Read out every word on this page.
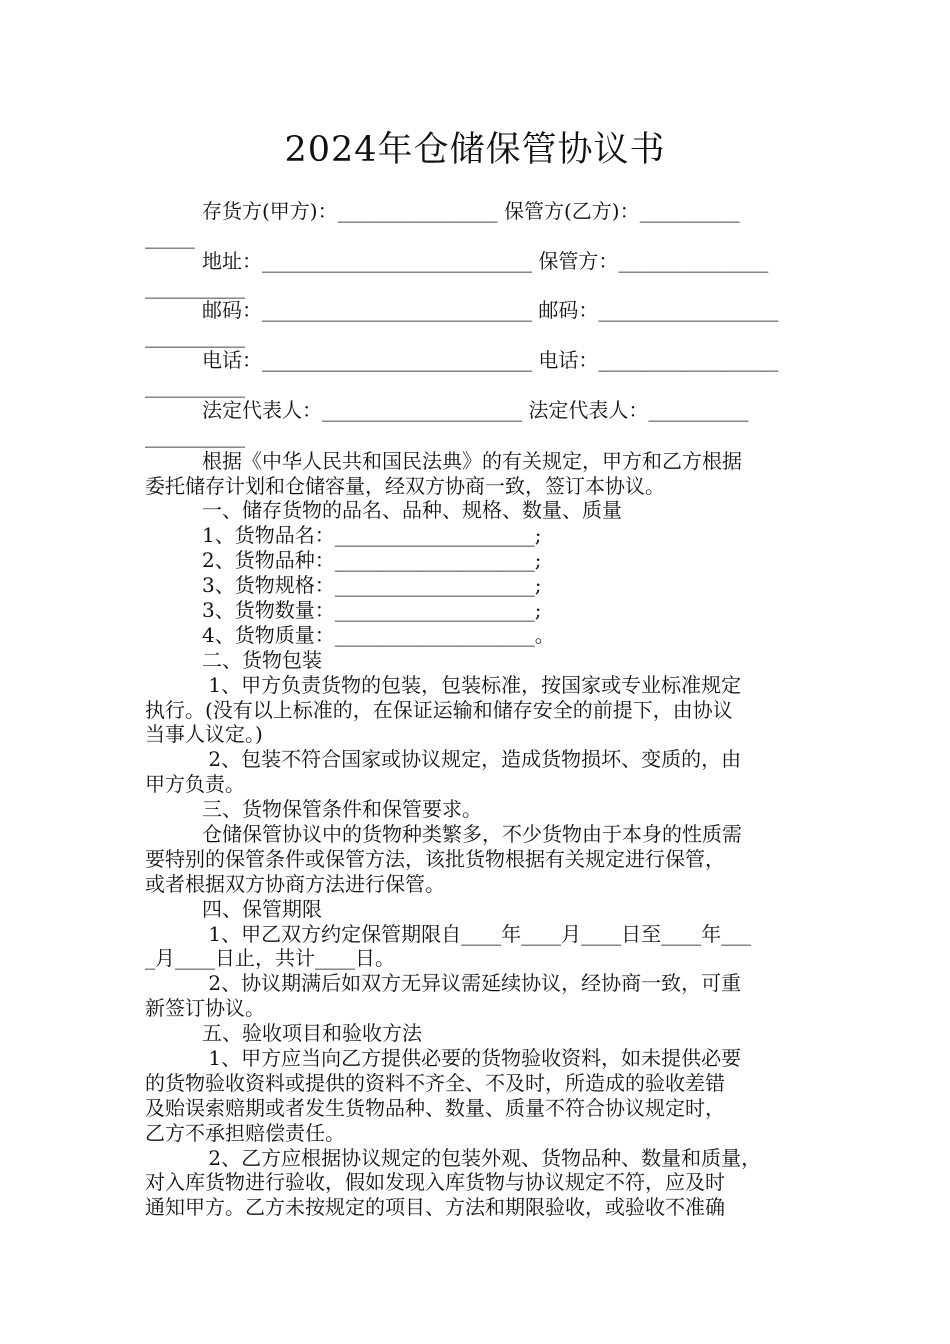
2024年仓储保管协议书
存货方(甲方)：________________ 保管方(乙方)：__________
_____
地址：___________________________ 保管方：_______________
__________
邮码：___________________________ 邮码：__________________
__________
电话：___________________________ 电话：__________________
__________
法定代表人：____________________ 法定代表人：__________
__________
根据《中华人民共和国民法典》的有关规定，甲方和乙方根据
委托储存计划和仓储容量，经双方协商一致，签订本协议。
一、储存货物的品名、品种、规格、数量、质量
1、货物品名：____________________;
2、货物品种：____________________;
3、货物规格：____________________;
3、货物数量：____________________;
4、货物质量：____________________。
二、货物包装
1、甲方负责货物的包装，包装标准，按国家或专业标准规定
执行。(没有以上标准的，在保证运输和储存安全的前提下，由协议
当事人议定。)
2、包装不符合国家或协议规定，造成货物损坏、变质的，由
甲方负责。
三、货物保管条件和保管要求。
仓储保管协议中的货物种类繁多，不少货物由于本身的性质需
要特别的保管条件或保管方法，该批货物根据有关规定进行保管，
或者根据双方协商方法进行保管。
四、保管期限
1、甲乙双方约定保管期限自____年____月____日至____年___
_月____日止，共计____日。
2、协议期满后如双方无异议需延续协议，经协商一致，可重
新签订协议。
五、验收项目和验收方法
1、甲方应当向乙方提供必要的货物验收资料，如未提供必要
的货物验收资料或提供的资料不齐全、不及时，所造成的验收差错
及贻误索赔期或者发生货物品种、数量、质量不符合协议规定时，
乙方不承担赔偿责任。
2、乙方应根据协议规定的包装外观、货物品种、数量和质量，
对入库货物进行验收，假如发现入库货物与协议规定不符，应及时
通知甲方。乙方未按规定的项目、方法和期限验收，或验收不准确
